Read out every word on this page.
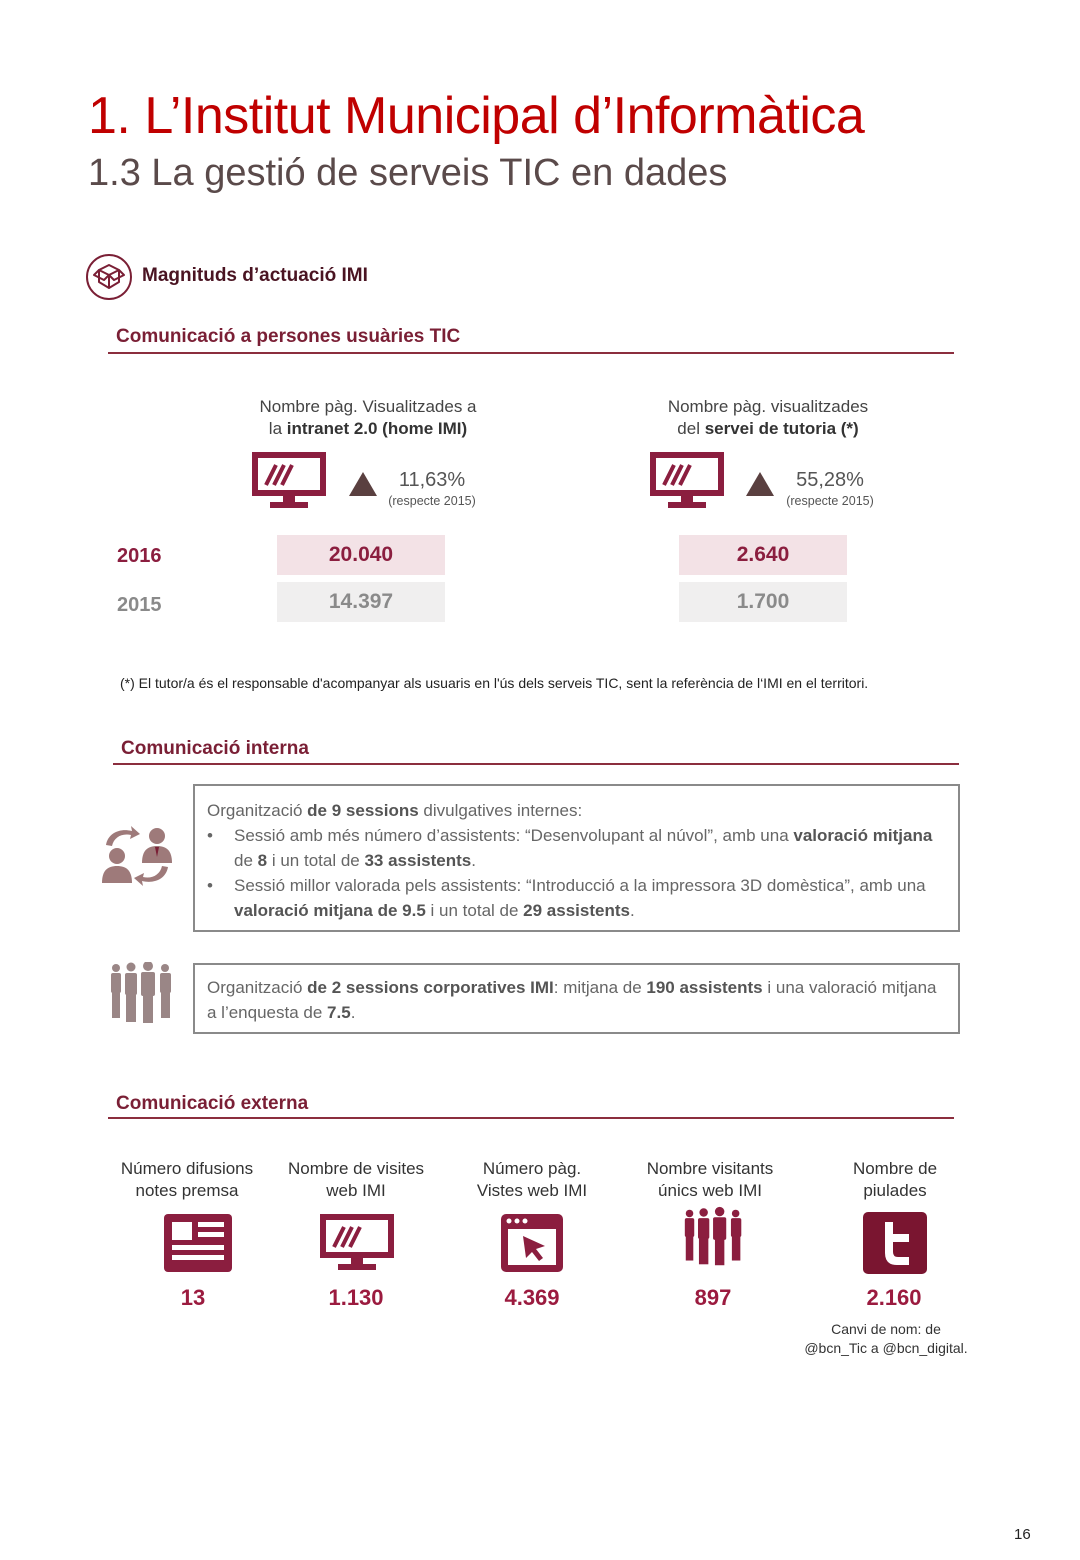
1. L’Institut Municipal d’Informàtica
1.3 La gestió de serveis TIC en dades
Magnituds d’actuació IMI
Comunicació a persones usuàries TIC
Nombre pàg. Visualitzades a
la intranet 2.0 (home IMI)
11,63%
(respecte 2015)
20.040
14.397
Nombre pàg. visualitzades
del servei de tutoria (*)
55,28%
(respecte 2015)
2.640
1.700
2016
2015
(*) El tutor/a és el responsable d'acompanyar als usuaris en l'ús dels serveis TIC, sent la referència de l‘IMI en el territori.
Comunicació interna
Organització de 9 sessions divulgatives internes:
• Sessió amb més número d’assistents: “Desenvolupant al núvol”, amb una valoració mitjana de 8 i un total de 33 assistents.
• Sessió millor valorada pels assistents: “Introducció a la impressora 3D domèstica”, amb una valoració mitjana de 9.5 i un total de 29 assistents.
Organització de 2 sessions corporatives IMI: mitjana de 190 assistents i una valoració mitjana a l’enquesta de 7.5.
Comunicació externa
Número difusions
notes premsa
13
Nombre de visites
web IMI
1.130
Número pàg.
Vistes web IMI
4.369
Nombre visitants
únics web IMI
897
Nombre de
piulades
2.160
Canvi de nom: de
@bcn_Tic a @bcn_digital.
16
